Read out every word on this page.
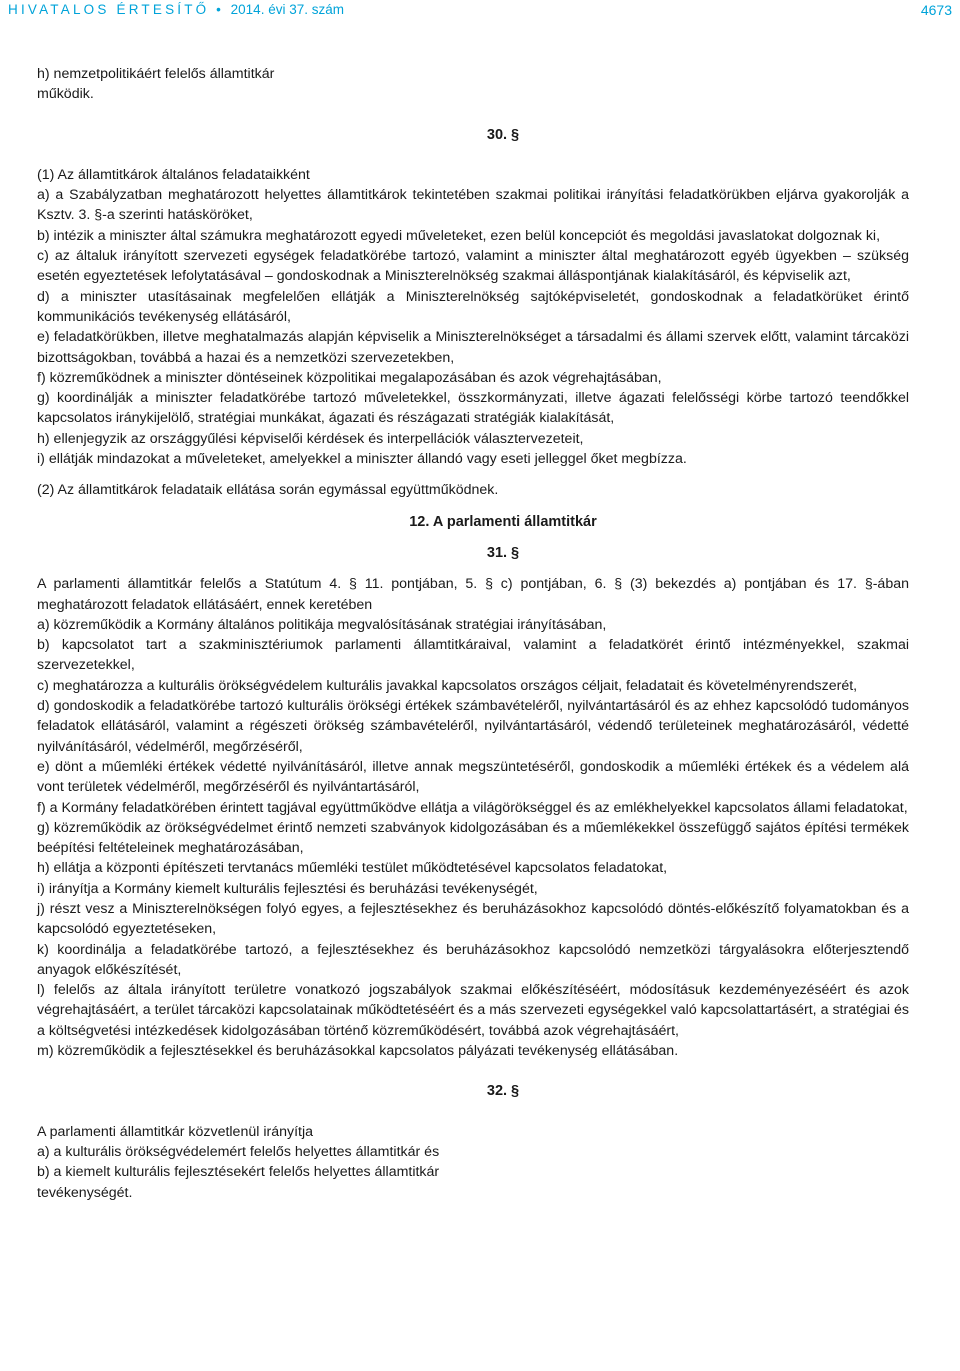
HIVATALOS ÉRTESÍTŐ • 2014. évi 37. szám	4673

h) nemzetpolitikáért felelős államtitkár

működik.

30. §

(1) Az államtitkárok általános feladataikként

a) a Szabályzatban meghatározott helyettes államtitkárok tekintetében szakmai politikai irányítási feladatkörükben eljárva gyakorolják a Ksztv. 3. §-a szerinti hatásköröket,

b) intézik a miniszter által számukra meghatározott egyedi műveleteket, ezen belül koncepciót és megoldási javaslatokat dolgoznak ki,

c) az általuk irányított szervezeti egységek feladatkörébe tartozó, valamint a miniszter által meghatározott egyéb ügyekben – szükség esetén egyeztetések lefolytatásával – gondoskodnak a Miniszterelnökség szakmai álláspontjának kialakításáról, és képviselik azt,

d) a miniszter utasításainak megfelelően ellátják a Miniszterelnökség sajtóképviseletét, gondoskodnak a feladatkörüket érintő kommunikációs tevékenység ellátásáról,

e) feladatkörükben, illetve meghatalmazás alapján képviselik a Miniszterelnökséget a társadalmi és állami szervek előtt, valamint tárcaközi bizottságokban, továbbá a hazai és a nemzetközi szervezetekben,

f) közreműködnek a miniszter döntéseinek közpolitikai megalapozásában és azok végrehajtásában,

g) koordinálják a miniszter feladatkörébe tartozó műveletekkel, összkormányzati, illetve ágazati felelősségi körbe tartozó teendőkkel kapcsolatos iránykijelölő, stratégiai munkákat, ágazati és részágazati stratégiák kialakítását,

h) ellenjegyzik az országgyűlési képviselői kérdések és interpellációk választervezeteit,

i) ellátják mindazokat a műveleteket, amelyekkel a miniszter állandó vagy eseti jelleggel őket megbízza.

(2) Az államtitkárok feladataik ellátása során egymással együttműködnek.

12. A parlamenti államtitkár

31. §

A parlamenti államtitkár felelős a Statútum 4. § 11. pontjában, 5. § c) pontjában, 6. § (3) bekezdés a) pontjában és 17. §-ában meghatározott feladatok ellátásáért, ennek keretében

a) közreműködik a Kormány általános politikája megvalósításának stratégiai irányításában,

b) kapcsolatot tart a szakminisztériumok parlamenti államtitkáraival, valamint a feladatkörét érintő intézményekkel, szakmai szervezetekkel,

c) meghatározza a kulturális örökségvédelem kulturális javakkal kapcsolatos országos céljait, feladatait és követelményrendszerét,

d) gondoskodik a feladatkörébe tartozó kulturális örökségi értékek számbavételéről, nyilvántartásáról és az ehhez kapcsolódó tudományos feladatok ellátásáról, valamint a régészeti örökség számbavételéről, nyilvántartásáról, védendő területeinek meghatározásáról, védetté nyilvánításáról, védelméről, megőrzéséről,

e) dönt a műemléki értékek védetté nyilvánításáról, illetve annak megszüntetéséről, gondoskodik a műemléki értékek és a védelem alá vont területek védelméről, megőrzéséről és nyilvántartásáról,

f) a Kormány feladatkörében érintett tagjával együttműködve ellátja a világörökséggel és az emlékhelyekkel kapcsolatos állami feladatokat,

g) közreműködik az örökségvédelmet érintő nemzeti szabványok kidolgozásában és a műemlékekkel összefüggő sajátos építési termékek beépítési feltételeinek meghatározásában,

h) ellátja a központi építészeti tervtanács műemléki testület működtetésével kapcsolatos feladatokat,

i) irányítja a Kormány kiemelt kulturális fejlesztési és beruházási tevékenységét,

j) részt vesz a Miniszterelnökségen folyó egyes, a fejlesztésekhez és beruházásokhoz kapcsolódó döntés-előkészítő folyamatokban és a kapcsolódó egyeztetéseken,

k) koordinálja a feladatkörébe tartozó, a fejlesztésekhez és beruházásokhoz kapcsolódó nemzetközi tárgyalásokra előterjesztendő anyagok előkészítését,

l) felelős az általa irányított területre vonatkozó jogszabályok szakmai előkészítéséért, módosításuk kezdeményezéséért és azok végrehajtásáért, a terület tárcaközi kapcsolatainak működtetéséért és a más szervezeti egységekkel való kapcsolattartásért, a stratégiai és a költségvetési intézkedések kidolgozásában történő közreműködésért, továbbá azok végrehajtásáért,

m) közreműködik a fejlesztésekkel és beruházásokkal kapcsolatos pályázati tevékenység ellátásában.

32. §

A parlamenti államtitkár közvetlenül irányítja

a) a kulturális örökségvédelemért felelős helyettes államtitkár és

b) a kiemelt kulturális fejlesztésekért felelős helyettes államtitkár

tevékenységét.
